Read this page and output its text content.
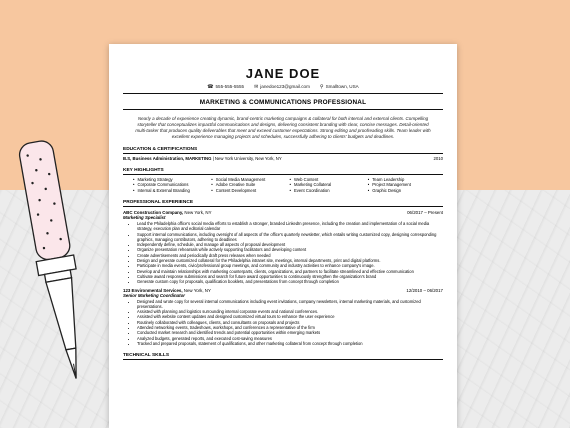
JANE DOE
☎ 555-555-5555 ✉ janedoe123@gmail.com ⚲ Smalltown, USA
MARKETING & COMMUNICATIONS PROFESSIONAL
Nearly a decade of experience creating dynamic, brand-centric marketing campaigns & collateral for both internal and external clients. Compelling storyteller that conceptualizes impactful communications and designs, delivering consistent branding with clear, concise messages. Detail-oriented multi-tasker that produces quality deliverables that meet and exceed customer expectations. Strong editing and proofreading skills. Team leader with excellent experience managing projects and schedules, successfully adhering to clients' budgets and deadlines.
EDUCATION & CERTIFICATIONS
B.S, Business Administration, MARKETING | New York University, New York, NY	2010
KEY HIGHLIGHTS
• Marketing Strategy	• Social Media Management	• Web Content	• Team Leadership
• Corporate Communications	• Adobe Creative Suite	• Marketing Collateral	• Project Management
• Internal & External Branding	• Content Development	• Event Coordination	• Graphic Design
PROFESSIONAL EXPERIENCE
ABC Construction Company, New York, NY	06/2017 – Present
Marketing Specialist
• Lead the Philadelphia office's social media efforts to establish a stronger, branded LinkedIn presence, including the creation and implementation of a social media strategy, execution plan and editorial calendar
• Support internal communications, including oversight of all aspects of the office's quarterly newsletter, which entails writing customized copy, designing corresponding graphics, managing contributors, adhering to deadlines
• Independently define, schedule, and manage all aspects of proposal development
• Organize presentation rehearsals while actively supporting facilitators and developing content
• Create advertisements and periodically draft press releases when needed
• Design and generate customized collateral for the Philadelphia intranet site, meetings, internal departments, print and digital platforms.
• Participate in media events, civic/professional group meetings, and community and industry activities to enhance company's image.
• Develop and maintain relationships with marketing counterparts, clients, organizations, and partners to facilitate streamlined and effective communication
• Cultivate award response submissions and search for future award opportunities to continuously strengthen the organization's brand
• Generate custom copy for proposals, qualification booklets, and presentations from concept through completion
123 Environmental Services, New York, NY	12/2010 – 06/2017
Senior Marketing Coordinator
• Designed and wrote copy for several internal communications including event invitations, company newsletters, internal marketing materials, and customized presentations.
• Assisted with planning and logistics surrounding internal corporate events and national conferences.
• Assisted with website content updates and designed customized virtual tours to enhance the user experience
• Routinely collaborated with colleagues, clients, and consultants on proposals and projects
• Attended networking events, tradeshows, workshops, and conferences a representative of the firm
• Conducted market research and identified trends and potential opportunities within emerging markets
• Analyzed budgets, generated reports, and executed cost-saving measures
• Tracked and prepared proposals, statement of qualifications, and other marketing collateral from concept through completion
TECHNICAL SKILLS
